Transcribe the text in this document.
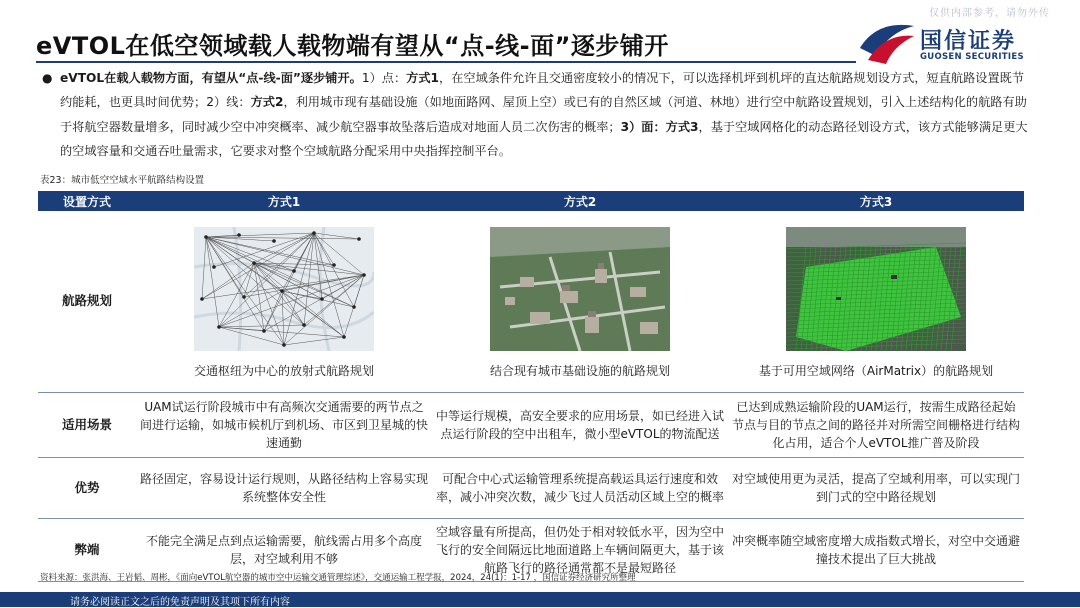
仅供内部参考，请勿外传
eVTOL在低空领域载人载物端有望从“点-线-面”逐步铺开	国信证券
GUOSEN SECURITIES
● eVTOL在载人载物方面，有望从“点-线-面”逐步铺开。1）点：方式1，在空域条件允许且交通密度较小的情况下，可以选择机坪到机坪的直达航路规划设方式，短直航路设置既节约能耗，也更具时间优势；2）线：方式2，利用城市现有基础设施（如地面路网、屋顶上空）或已有的自然区域（河道、林地）进行空中航路设置规划，引入上述结构化的航路有助于将航空器数量增多，同时减少空中冲突概率、减少航空器事故坠落后造成对地面人员二次伤害的概率；3）面：方式3，基于空域网格化的动态路径划设方式，该方式能够满足更大的空域容量和交通吞吐量需求，它要求对整个空域航路分配采用中央指挥控制平台。
表23：城市低空空域水平航路结构设置
设置方式	方式1	方式2	方式3
航路规划	交通枢纽为中心的放射式航路规划	结合现有城市基础设施的航路规划	基于可用空域网络（AirMatrix）的航路规划

适用场景	UAM试运行阶段城市中有高频次交通需要的两节点之间进行运输，如城市候机厅到机场、市区到卫星城的快速通勤	中等运行规模，高安全要求的应用场景，如已经进入试点运行阶段的空中出租车，微小型eVTOL的物流配送	已达到成熟运输阶段的UAM运行，按需生成路径起始节点与目的节点之间的路径并对所需空间栅格进行结构化占用，适合个人eVTOL推广普及阶段
优势	路径固定，容易设计运行规则，从路径结构上容易实现系统整体安全性	可配合中心式运输管理系统提高载运具运行速度和效率，减小冲突次数，减少飞过人员活动区域上空的概率	对空域使用更为灵活，提高了空域利用率，可以实现门到门式的空中路径规划
弊端	不能完全满足点到点运输需要，航线需占用多个高度层，对空域利用不够	空域容量有所提高，但仍处于相对较低水平，因为空中飞行的安全间隔远比地面道路上车辆间隔更大，基于该航路飞行的路径通常都不是最短路径	冲突概率随空域密度增大成指数式增长，对空中交通避撞技术提出了巨大挑战
资料来源：张洪海、王岩韬、周彬，《面向eVTOL航空器的城市空中运输交通管理综述》，交通运输工程学报，2024，24(1)：1-17 ，国信证券经济研究所整理
请务必阅读正文之后的免责声明及其项下所有内容
